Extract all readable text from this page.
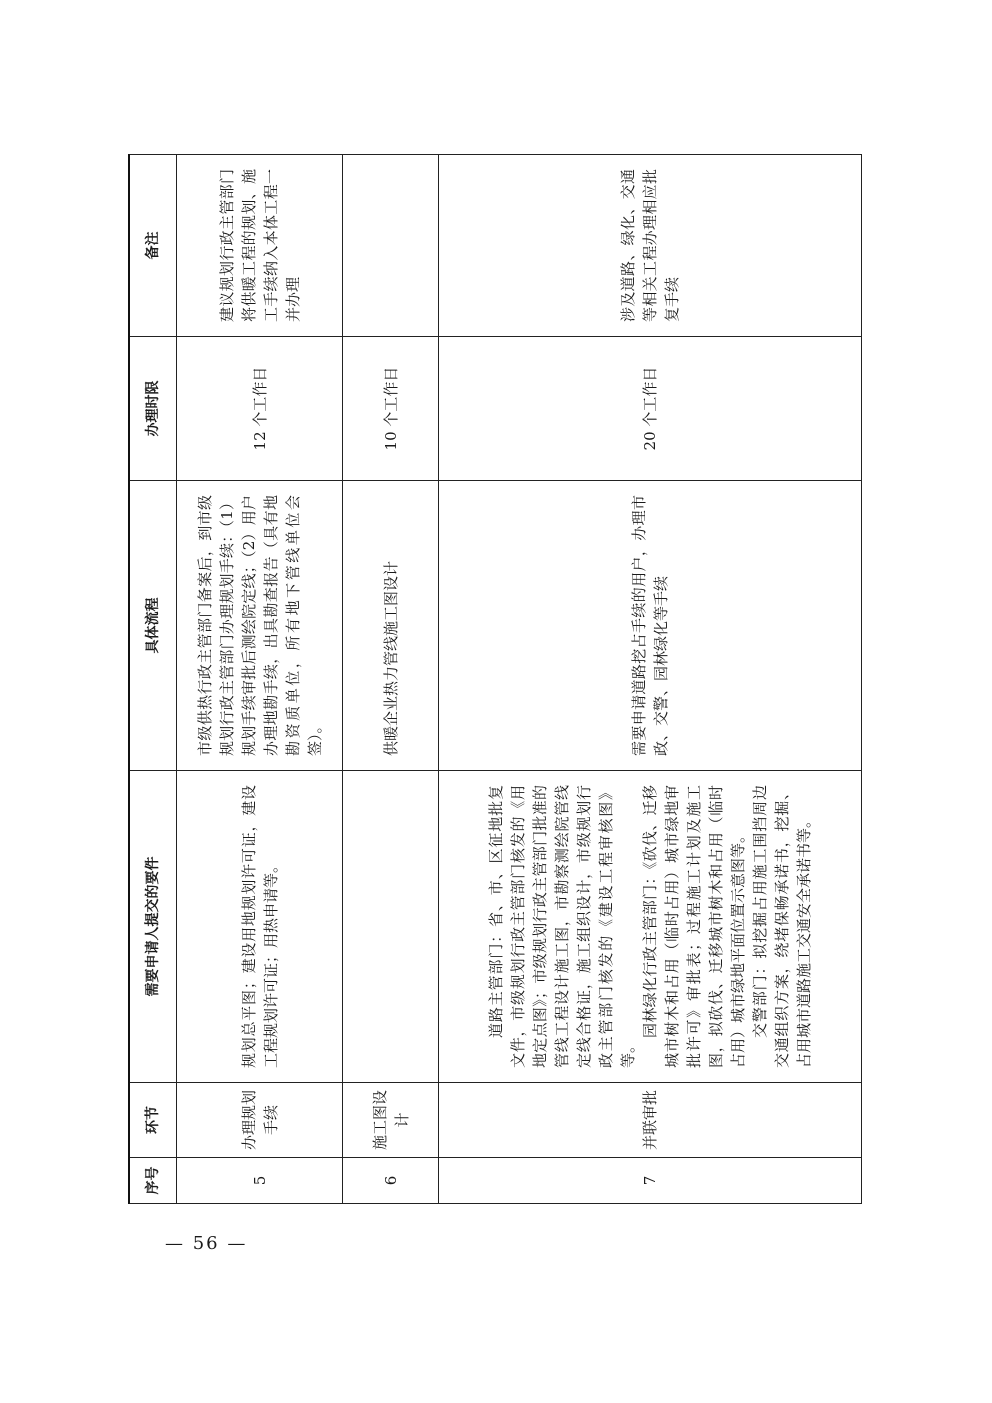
序号	环节	需要申请人提交的要件	具体流程	办理时限	备注
5	办理规划手续	规划总平图；建设用地规划许可证，建设工程规划许可证；用热申请等。	市级供热行政主管部门备案后，到市级规划行政主管部门办理规划手续：（1）规划手续审批后测绘院定线；（2）用户办理地勘手续，出具勘查报告（具有地勘资质单位，所有地下管线单位会签）。	12 个工作日	建议规划行政主管部门将供暖工程的规划、施工手续纳入本体工程一并办理
6	施工图设计		供暖企业热力管线施工图设计	10 个工作日	
7	并联审批	道路主管部门：省、市、区征地批复文件，市级规划行政主管部门核发的《用地定点图》；市级规划行政主管部门批准的管线工程设计施工图，市勘察测绘院管线定线合格证，施工组织设计，市级规划行政主管部门核发的《建设工程审核图》等。

园林绿化行政主管部门：《砍伐、迁移城市树木和占用（临时占用）城市绿地审批许可》审批表；过程施工计划及施工图，拟砍伐、迁移城市树木和占用（临时占用）城市绿地平面位置示意图等。 交警部门：拟挖掘占用施工围挡周边交通组织方案，绕堵保畅承诺书，挖掘、占用城市道路施工交通安全承诺书等。	需要申请道路挖占手续的用户，办理市政、交警、园林绿化等手续	20 个工作日	涉及道路、绿化、交通等相关工程办理相应批复手续
— 56 —
